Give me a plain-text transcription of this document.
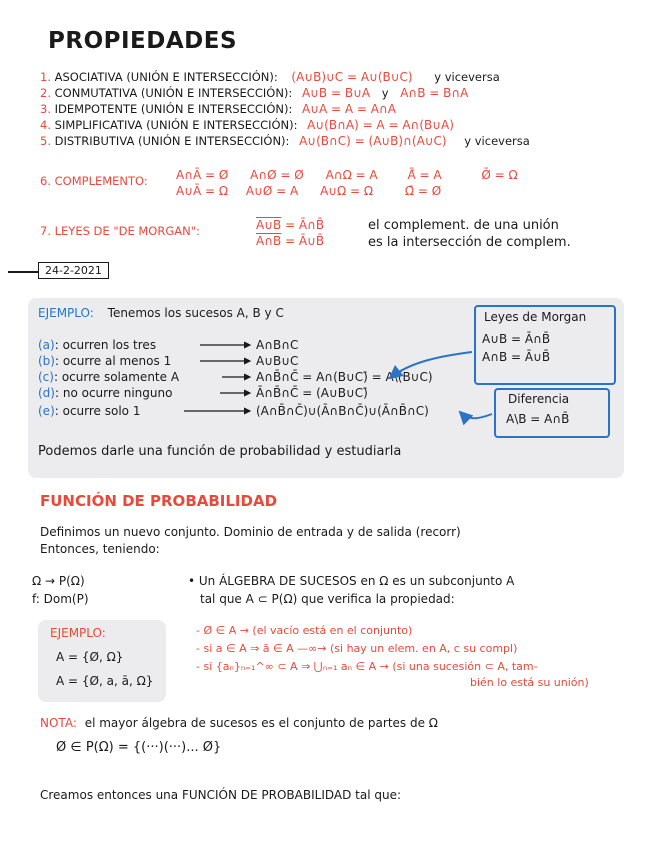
PROPIEDADES
1. ASOCIATIVA (UNIÓN E INTERSECCIÓN): (A∪B)∪C = A∪(B∪C) y viceversa
2. CONMUTATIVA (UNIÓN E INTERSECCIÓN): A∪B = B∪A y A∩B = B∩A
3. IDEMPOTENTE (UNIÓN E INTERSECCIÓN): A∪A = A = A∩A
4. SIMPLIFICATIVA (UNIÓN E INTERSECCIÓN): A∪(B∩A) = A = A∩(B∪A)
5. DISTRIBUTIVA (UNIÓN E INTERSECCIÓN): A∪(B∩C) = (A∪B)∩(A∪C) y viceversa
6. COMPLEMENTO: A∩Ā = Ø A∩Ø = Ø A∩Ω = A Ā̄ = A	Ø̄ = Ω
A∪Ā = Ω A∪Ø = A A∪Ω = Ω	Ω̄ = Ø
7. LEYES DE "DE MORGAN":	A∪B = Ā∩B̄
A∩B = Ā∪B̄
el complement. de una unión
es la intersección de complem.
24-2-2021
EJEMPLO: Tenemos los sucesos A, B y C
(a): ocurren los tres	A∩B∩C
(b): ocurre al menos 1	A∪B∪C
(c): ocurre solamente A	A∩B̄∩C̄ = A∩(B∪C)̄ = A\(B∪C)
(d): no ocurre ninguno	Ā∩B̄∩C̄ = (A∪B∪C)̄
(e): ocurre solo 1	(A∩B̄∩C̄)∪(Ā∩B∩C̄)∪(Ā∩B̄∩C)
Leyes de Morgan
A∪B = Ā∩B̄
A∩B = Ā∪B̄
Diferencia
A\B = A∩B̄
Podemos darle una función de probabilidad y estudiarla
FUNCIÓN DE PROBABILIDAD
Definimos un nuevo conjunto. Dominio de entrada y de salida (recorr)
Entonces, teniendo:
Ω → P(Ω)
f: Dom(P)
• Un ÁLGEBRA DE SUCESOS en Ω es un subconjunto A
tal que A ⊂ P(Ω) que verifica la propiedad:
EJEMPLO:
A = {Ø, Ω}
A = {Ø, a, ā, Ω}
- Ø ∈ A → (el vacío está en el conjunto)
- si a ∈ A ⇒ ā ∈ A —∞→ (si hay un elem. en A, c su compl)
- si {aₙ}ₙ₌₁^∞ ⊂ A ⇒ ⋃ₙ₌₁ aₙ ∈ A → (si una sucesión ⊂ A, tam-
bién lo está su unión)
NOTA: el mayor álgebra de sucesos es el conjunto de partes de Ω
Ø ∈ P(Ω) = {(···)(···)... Ø}
Creamos entonces una FUNCIÓN DE PROBABILIDAD tal que:
